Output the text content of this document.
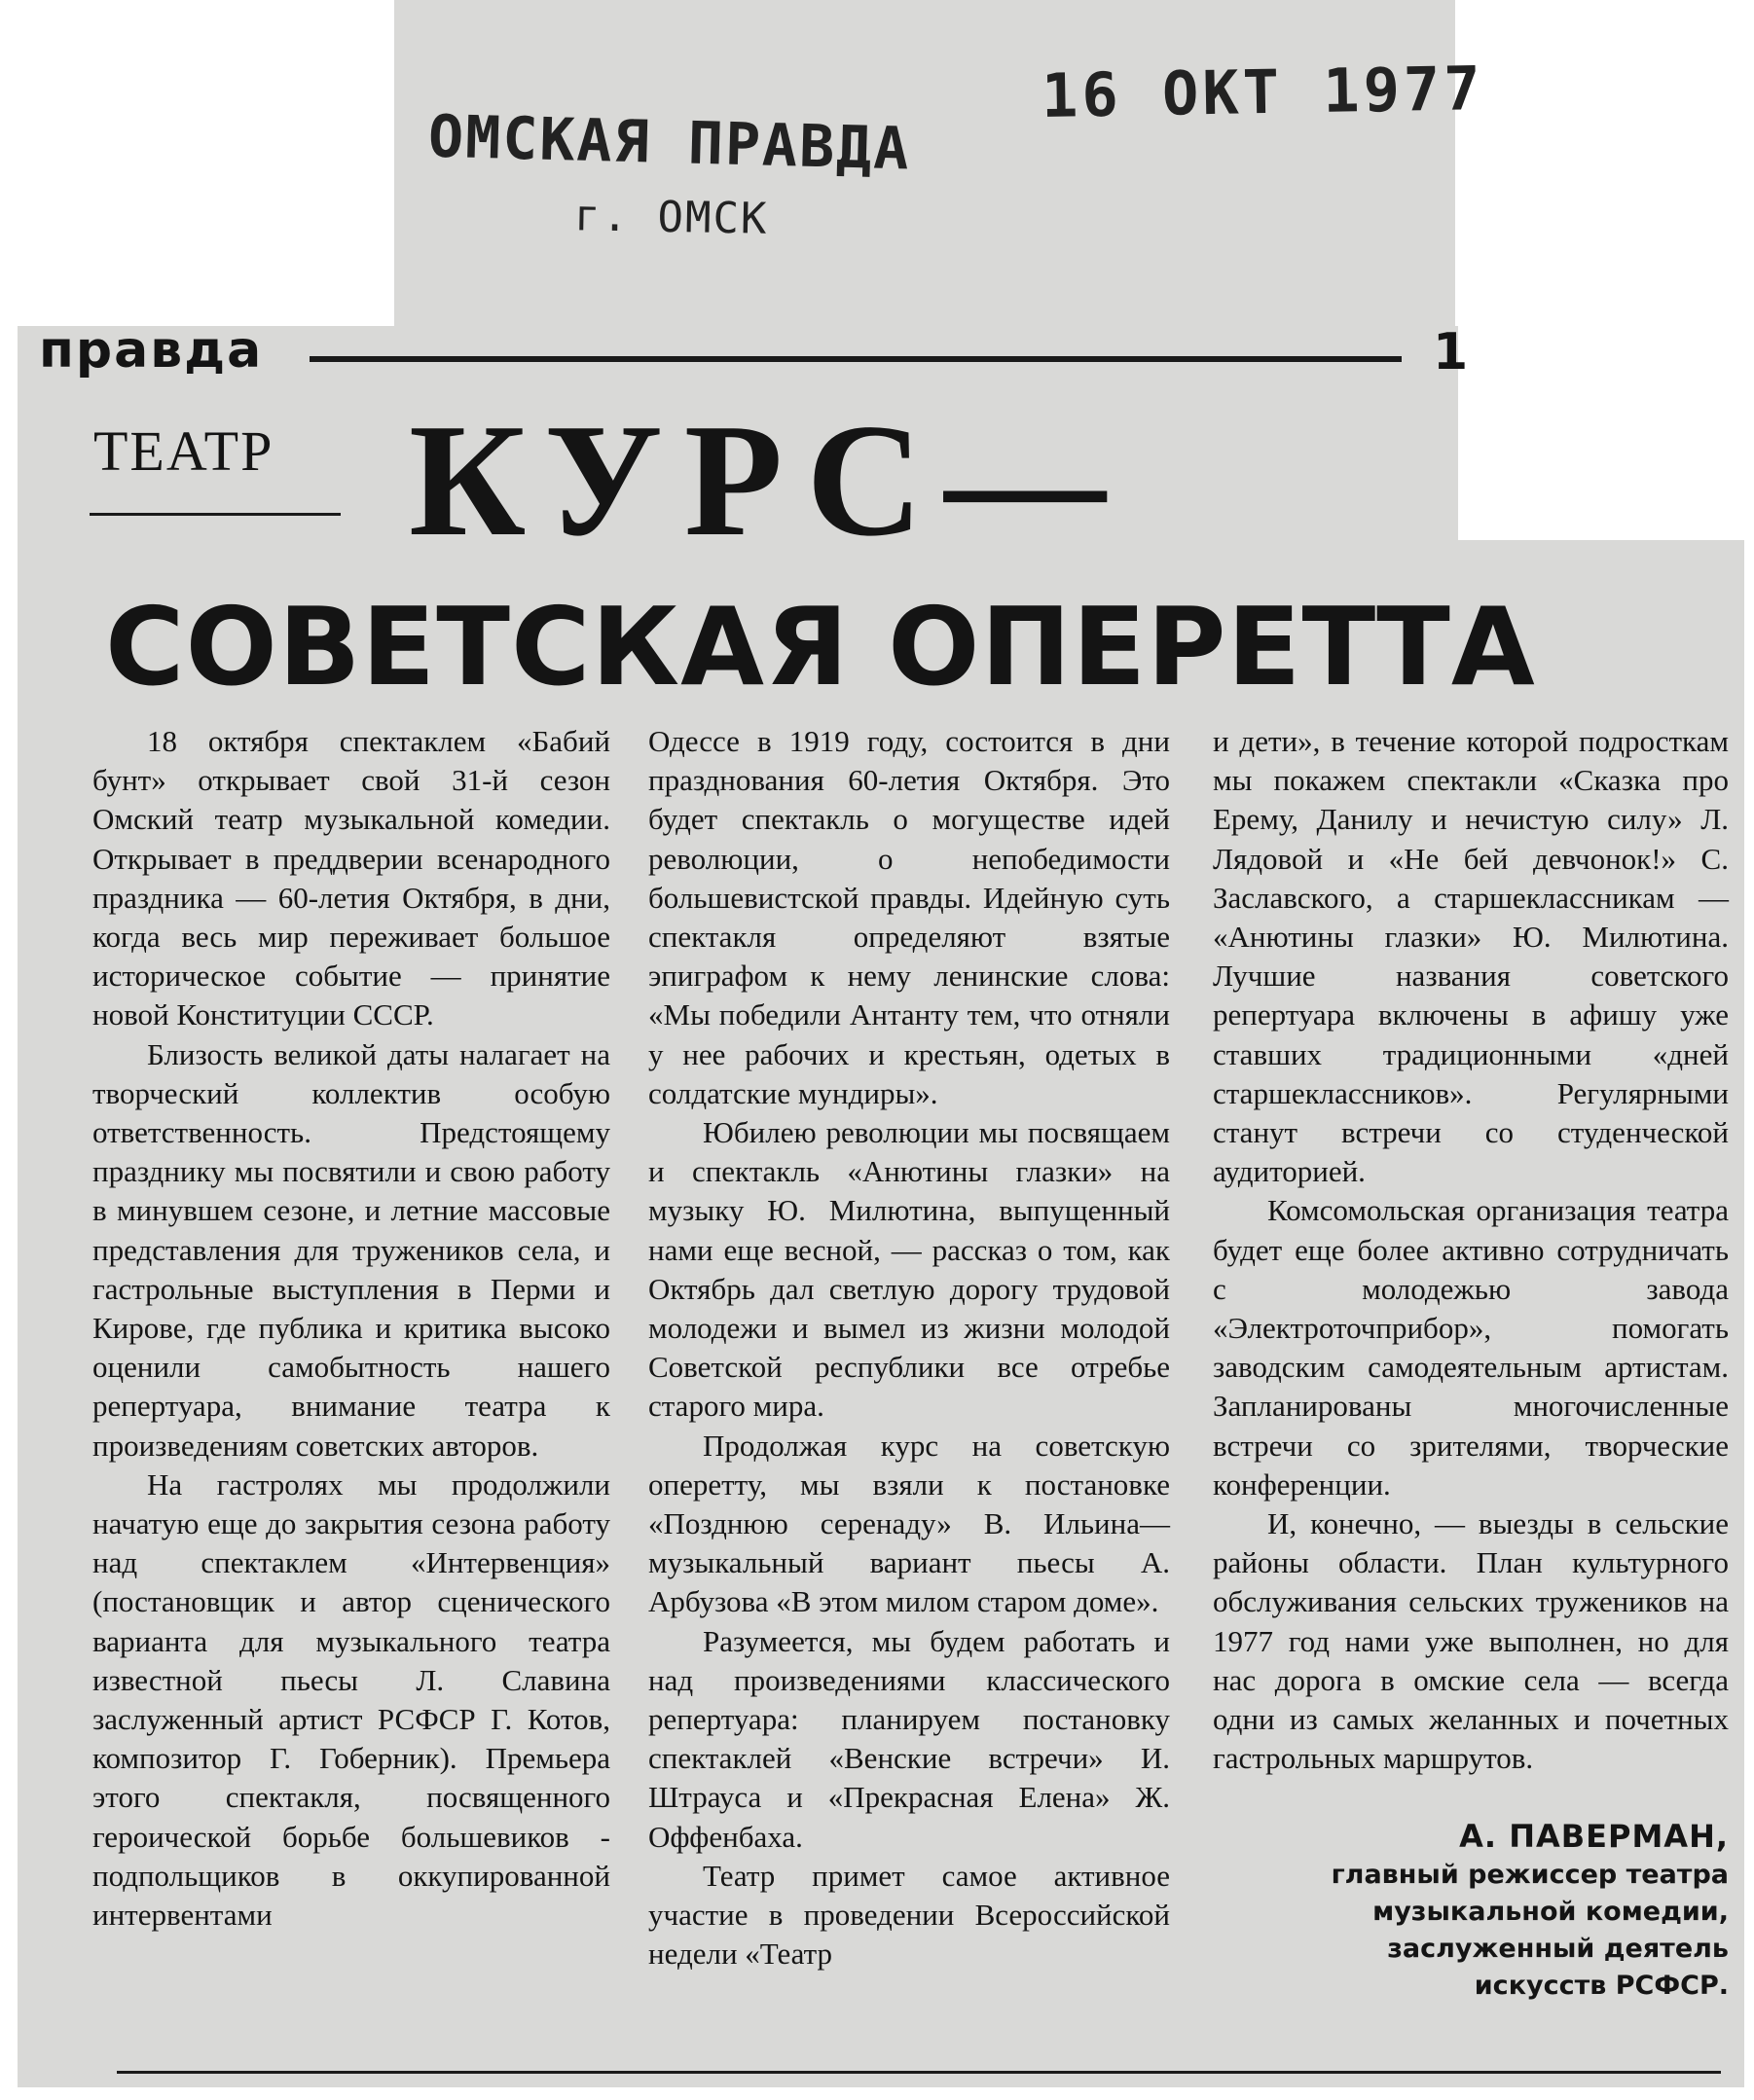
ОМСКАЯ ПРАВДА
г. ОМСК
16 ОКТ 1977
правда	1
ТЕАТР КУРС—
СОВЕТСКАЯ ОПЕРЕТТА

18 октября спектаклем «Бабий бунт» открывает свой 31-й сезон Омский театр музыкальной комедии. Открывает в преддверии всенародного праздника — 60-летия Октября, в дни, когда весь мир переживает большое историческое событие — принятие новой Конституции СССР.

Близость великой даты налагает на творческий коллектив особую ответственность. Предстоящему празднику мы посвятили и свою работу в минувшем сезоне, и летние массовые представления для тружеников села, и гастрольные выступления в Перми и Кирове, где публика и критика высоко оценили самобытность нашего репертуара, внимание театра к произведениям советских авторов.

На гастролях мы продолжили начатую еще до закрытия сезона работу над спектаклем «Интервенция» (постановщик и автор сценического варианта для музыкального театра известной пьесы Л. Славина заслуженный артист РСФСР Г. Котов, композитор Г. Гоберник). Премьера этого спектакля, посвященного героической борьбе большевиков - подпольщиков в оккупированной интервентами

Одессе в 1919 году, состоится в дни празднования 60-летия Октября. Это будет спектакль о могуществе идей революции, о непобедимости большевистской правды. Идейную суть спектакля определяют взятые эпиграфом к нему ленинские слова: «Мы победили Антанту тем, что отняли у нее рабочих и крестьян, одетых в солдатские мундиры».

Юбилею революции мы посвящаем и спектакль «Анютины глазки» на музыку Ю. Милютина, выпущенный нами еще весной, — рассказ о том, как Октябрь дал светлую дорогу трудовой молодежи и вымел из жизни молодой Советской республики все отребье старого мира.

Продолжая курс на советскую оперетту, мы взяли к постановке «Позднюю серенаду» В. Ильина—музыкальный вариант пьесы А. Арбузова «В этом милом старом доме».

Разумеется, мы будем работать и над произведениями классического репертуара: планируем постановку спектаклей «Венские встречи» И. Штрауса и «Прекрасная Елена» Ж. Оффенбаха.

Театр примет самое активное участие в проведении Всероссийской недели «Театр

и дети», в течение которой подросткам мы покажем спектакли «Сказка про Ерему, Данилу и нечистую силу» Л. Лядовой и «Не бей девчонок!» С. Заславского, а старшеклассникам — «Анютины глазки» Ю. Милютина. Лучшие названия советского репертуара включены в афишу уже ставших традиционными «дней старшеклассников». Регулярными станут встречи со студенческой аудиторией.

Комсомольская организация театра будет еще более активно сотрудничать с молодежью завода «Электроточприбор», помогать заводским самодеятельным артистам. Запланированы многочисленные встречи со зрителями, творческие конференции.

И, конечно, — выезды в сельские районы области. План культурного обслуживания сельских тружеников на 1977 год нами уже выполнен, но для нас дорога в омские села — всегда одни из самых желанных и почетных гастрольных маршрутов.

А. ПАВЕРМАН,
главный режиссер театра
музыкальной комедии,
заслуженный деятель
искусств РСФСР.
